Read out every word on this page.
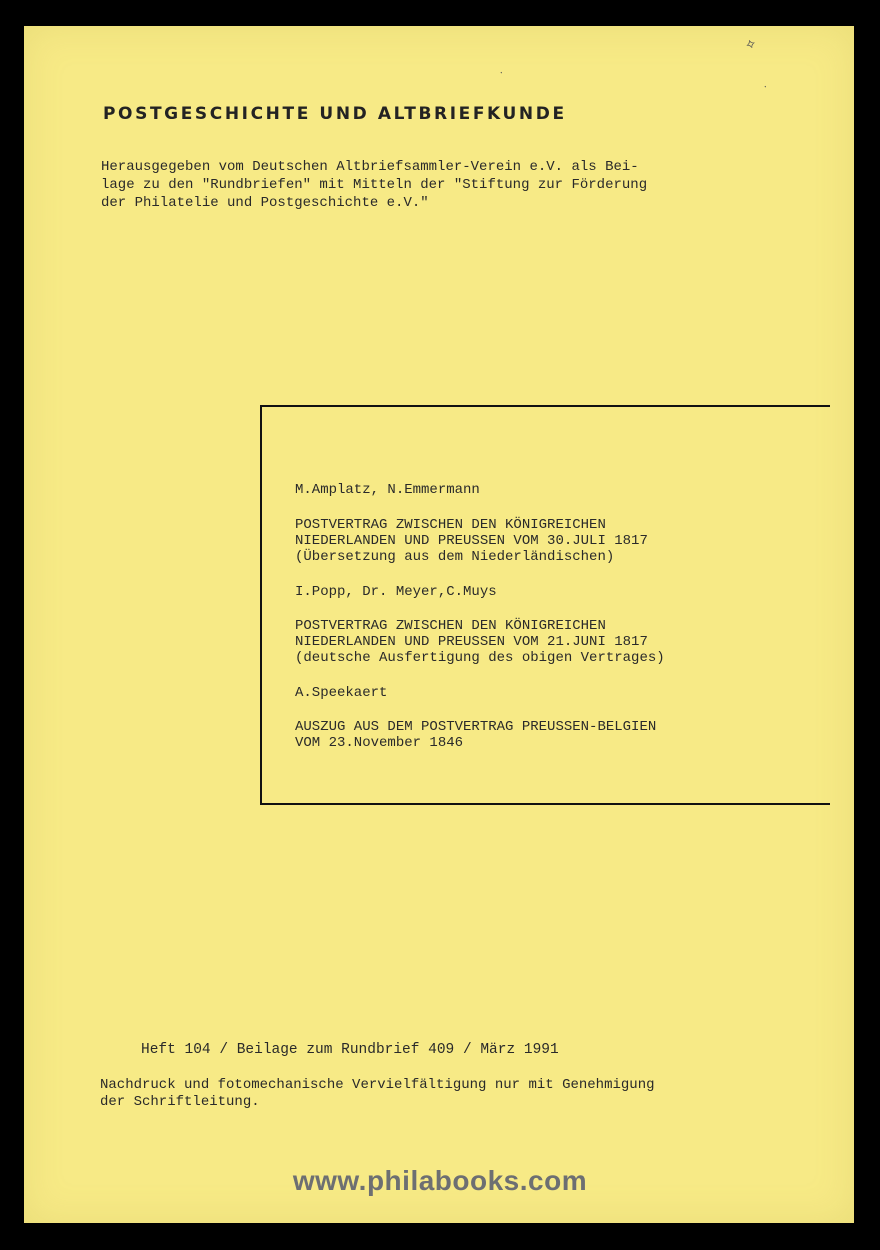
⟡
·
·
POSTGESCHICHTE UND ALTBRIEFKUNDE

Herausgegeben vom Deutschen Altbriefsammler-Verein e.V. als Bei-
lage zu den "Rundbriefen" mit Mitteln der "Stiftung zur Förderung
der Philatelie und Postgeschichte e.V."

M.Amplatz, N.Emmermann

POSTVERTRAG ZWISCHEN DEN KÖNIGREICHEN
NIEDERLANDEN UND PREUSSEN VOM 30.JULI 1817
(Übersetzung aus dem Niederländischen)

I.Popp, Dr. Meyer,C.Muys

POSTVERTRAG ZWISCHEN DEN KÖNIGREICHEN
NIEDERLANDEN UND PREUSSEN VOM 21.JUNI 1817
(deutsche Ausfertigung des obigen Vertrages)

A.Speekaert

AUSZUG AUS DEM POSTVERTRAG PREUSSEN-BELGIEN
VOM 23.November 1846

Heft 104 / Beilage zum Rundbrief 409 / März 1991

Nachdruck und fotomechanische Vervielfältigung nur mit Genehmigung
der Schriftleitung.

www.philabooks.com
